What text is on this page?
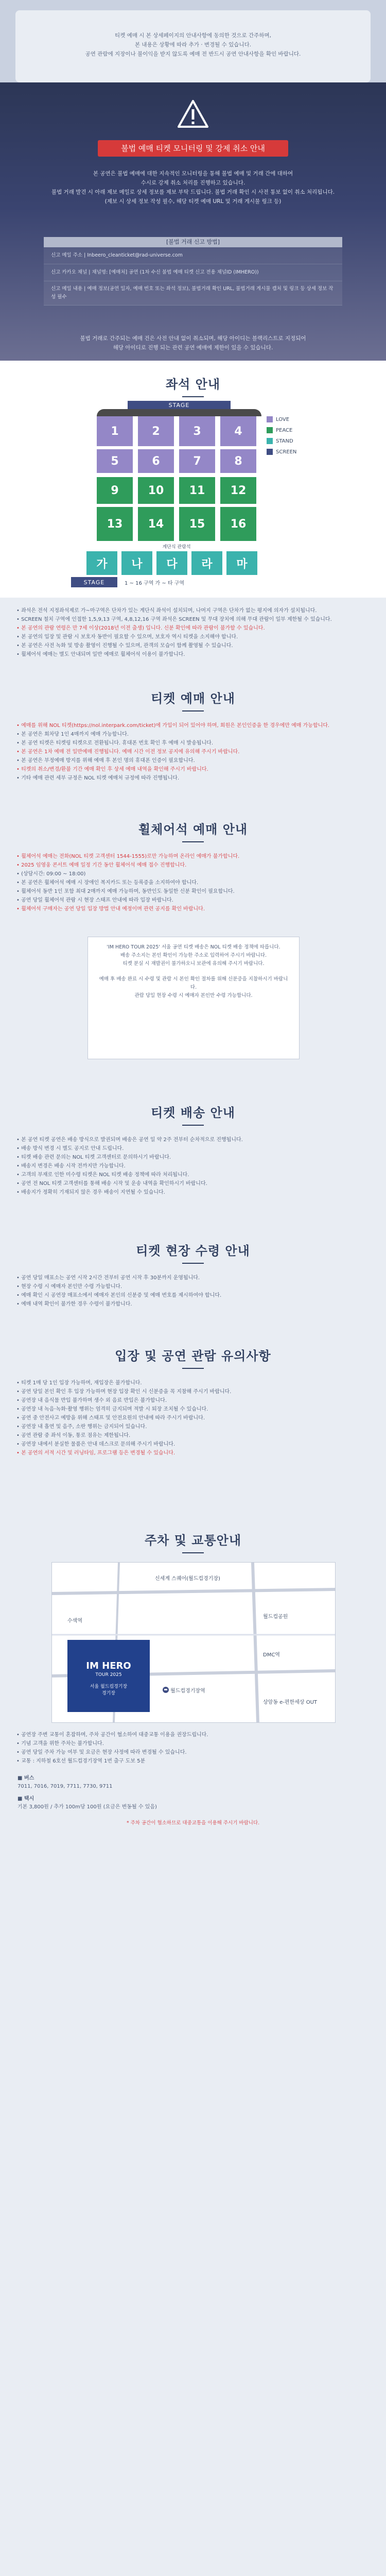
티켓 예매 시 본 상세페이지의 안내사항에 동의한 것으로 간주하며,
본 내용은 상황에 따라 추가 · 변경될 수 있습니다.
공연 관람에 지장이나 불이익을 받지 않도록 예매 전 반드시 공연 안내사항을 확인 바랍니다.
불법 예매 티켓 모니터링 및 강제 취소 안내
본 공연은 불법 예매에 대한 지속적인 모니터링을 통해 불법 예매 및 거래 간에 대하여
수시로 강제 취소 처리를 진행하고 있습니다.
불법 거래 발견 시 아래 제보 메일로 상세 정보를 제보 부탁 드립니다. 불법 거래 확인 시 사전 통보 없이 취소 처리됩니다.
(제보 시 상세 정보 작성 필수, 해당 티켓 예매 URL 및 거래 게시물 링크 등)
[불법 거래 신고 방법]
신고 메일 주소 | Inbeero_cleanticket@rad-universe.com
신고 카카오 채널 | 채널명: [예매처] 공연 (1차 수신 불법 예매 티켓 신고 전용 채널ID (IMHERO))
신고 메일 내용 | 예매 정보(공연 일자, 예매 번호 또는 좌석 정보), 불법거래 확인 URL, 불법거래 게시물 캡처 및 링크 등 상세 정보 작성 필수
불법 거래로 간주되는 예매 건은 사전 안내 없이 취소되며, 해당 아이디는 블랙리스트로 지정되어
해당 아이디로 진행 되는 관련 공연 예매에 제한이 있을 수 있습니다.
좌석 안내
STAGE
1	2	3	4
5	6	7	8
9	10	11	12
13	14	15	16
계단식 관람석
가	나	다	라	마
LOVE
PEACE
STAND
SCREEN
STAGE	1 ~ 16 구역 가 ~ 타 구역
• 좌석은 전석 지정좌석제로 가~마구역은 단차가 있는 계단식 좌석이 설치되며, 나머지 구역은 단차가 없는 평지에 의자가 설치됩니다.
• SCREEN 철치 구역에 인접한 1,5,9,13 구역, 4,8,12,16 구역 좌석은 SCREEN 및 무대 장치에 의해 무대 관람이 일부 제한될 수 있습니다.
• 본 공연의 관람 연령은 만 7세 이상(2018년 이전 출생) 입니다. 신분 확인에 따라 관람이 불가할 수 있습니다.
• 본 공연의 입장 및 관람 시 보호자 동반이 필요할 수 있으며, 보호자 역시 티켓을 소지해야 합니다.
• 본 공연은 사전 녹화 및 방송 촬영이 진행될 수 있으며, 관객의 모습이 함께 촬영될 수 있습니다.
• 휠체어석 예매는 별도 안내되며 일반 예매로 휠체어석 이용이 불가합니다.
티켓 예매 안내
• 예매를 위해 NOL 티켓(https://nol.interpark.com/ticket)에 가입이 되어 있어야 하며, 회원은 본인인증을 한 경우에만 예매 가능합니다.
• 본 공연은 회차당 1인 4매까지 예매 가능합니다.
• 본 공연 티켓은 티켓링 티켓으로 전환됩니다. 휴대폰 번호 확인 후 예매 시 발송됩니다.
• 본 공연은 1차 예매 전 일반예매 진행됩니다. 예매 시간 이전 정보 공지에 유의해 주시기 바랍니다.
• 본 공연은 부정예매 방지를 위해 예매 후 본인 명의 휴대폰 인증이 필요합니다.
• 티켓의 취소/변경/환불 기간 예매 확인 후 상세 예매 내역을 확인해 주시기 바랍니다.
• 기타 예매 관련 세부 규정은 NOL 티켓 예매처 규정에 따라 진행됩니다.
휠체어석 예매 안내
• 휠체어석 예매는 전화(NOL 티켓 고객센터 1544-1555)로만 가능하며 온라인 예매가 불가합니다.
• 2025 임영웅 콘서트 예매 일정 기간 동안 휠체어석 예매 접수 진행합니다.
• (상담시간: 09:00 ~ 18:00)
• 본 공연은 휠체어석 예매 시 장애인 복지카드 또는 등록증을 소지하여야 합니다.
• 휠체어석 동반 1인 포함 최대 2매까지 예매 가능하며, 동반인도 동일한 신분 확인이 필요합니다.
• 공연 당일 휠체어석 관람 시 현장 스태프 안내에 따라 입장 바랍니다.
• 휠체어석 구매자는 공연 당일 입장 방법 안내 예정이며 관련 공지를 확인 바랍니다.
'IM HERO TOUR 2025' 서울 공연 티켓 배송은 NOL 티켓 배송 정책에 따릅니다.
배송 주소지는 본인 확인이 가능한 주소로 입력하여 주시기 바랍니다.
티켓 분실 시 재발권이 불가하오니 보관에 유의해 주시기 바랍니다.
예매 후 배송 완료 시 수령 및 관람 시 본인 확인 절차를 위해 신분증을 지참하시기 바랍니다.
관람 당일 현장 수령 시 예매자 본인만 수령 가능합니다.
티켓 배송 안내
• 본 공연 티켓 공연은 배송 방식으로 발권되며 배송은 공연 일 약 2주 전부터 순차적으로 진행됩니다.
• 배송 방식 변경 시 별도 공지로 안내 드립니다.
• 티켓 배송 관련 문의는 NOL 티켓 고객센터로 문의하시기 바랍니다.
• 배송지 변경은 배송 시작 전까지만 가능합니다.
• 고객의 부재로 인한 미수령 티켓은 NOL 티켓 배송 정책에 따라 처리됩니다.
• 공연 전 NOL 티켓 고객센터를 통해 배송 시작 및 운송 내역을 확인하시기 바랍니다.
• 배송지가 정확히 기재되지 않은 경우 배송이 지연될 수 있습니다.
티켓 현장 수령 안내
• 공연 당일 매표소는 공연 시작 2시간 전부터 공연 시작 후 30분까지 운영됩니다.
• 현장 수령 시 예매자 본인만 수령 가능합니다.
• 예매 확인 시 공연장 매표소에서 예매자 본인의 신분증 및 예매 번호를 제시하여야 합니다.
• 예매 내역 확인이 불가한 경우 수령이 불가합니다.
입장 및 공연 관람 유의사항
• 티켓 1매 당 1인 입장 가능하며, 재입장은 불가합니다.
• 공연 당일 본인 확인 후 입장 가능하며 현장 입장 확인 시 신분증을 꼭 지참해 주시기 바랍니다.
• 공연장 내 음식물 반입 불가하며 생수 외 음료 반입은 불가합니다.
• 공연장 내 녹음·녹화·촬영 행위는 엄격히 금지되며 적발 시 퇴장 조치될 수 있습니다.
• 공연 중 안전사고 예방을 위해 스태프 및 안전요원의 안내에 따라 주시기 바랍니다.
• 공연장 내 흡연 및 음주, 소란 행위는 금지되어 있습니다.
• 공연 관람 중 좌석 이동, 통로 점유는 제한됩니다.
• 공연장 내에서 분실한 물품은 안내 데스크로 문의해 주시기 바랍니다.
• 본 공연의 서적 시간 및 러닝타임, 프로그램 등은 변경될 수 있습니다.
주차 및 교통안내
IM HERO
TOUR 2025
서울 월드컵경기장
경기장
신세계 스퀘어(월드컵경기장)
월드컵공원
DMC역
수색역
월드컵경기장역
상암동 e-편한세상 OUT
• 공연장 주변 교통이 혼잡하며, 주차 공간이 협소하여 대중교통 이용을 권장드립니다.
• 기념 고객을 위한 주차는 불가합니다.
• 공연 당일 주차 가능 여부 및 요금은 현장 사정에 따라 변경될 수 있습니다.
• 교통 : 지하철 6호선 월드컵경기장역 1번 출구 도보 5분
■ 버스
7011, 7016, 7019, 7711, 7730, 9711
■ 택시
기본 3,800원 / 추가 100m당 100원 (요금은 변동될 수 있음)
* 주차 공간이 협소하므로 대중교통을 이용해 주시기 바랍니다.
